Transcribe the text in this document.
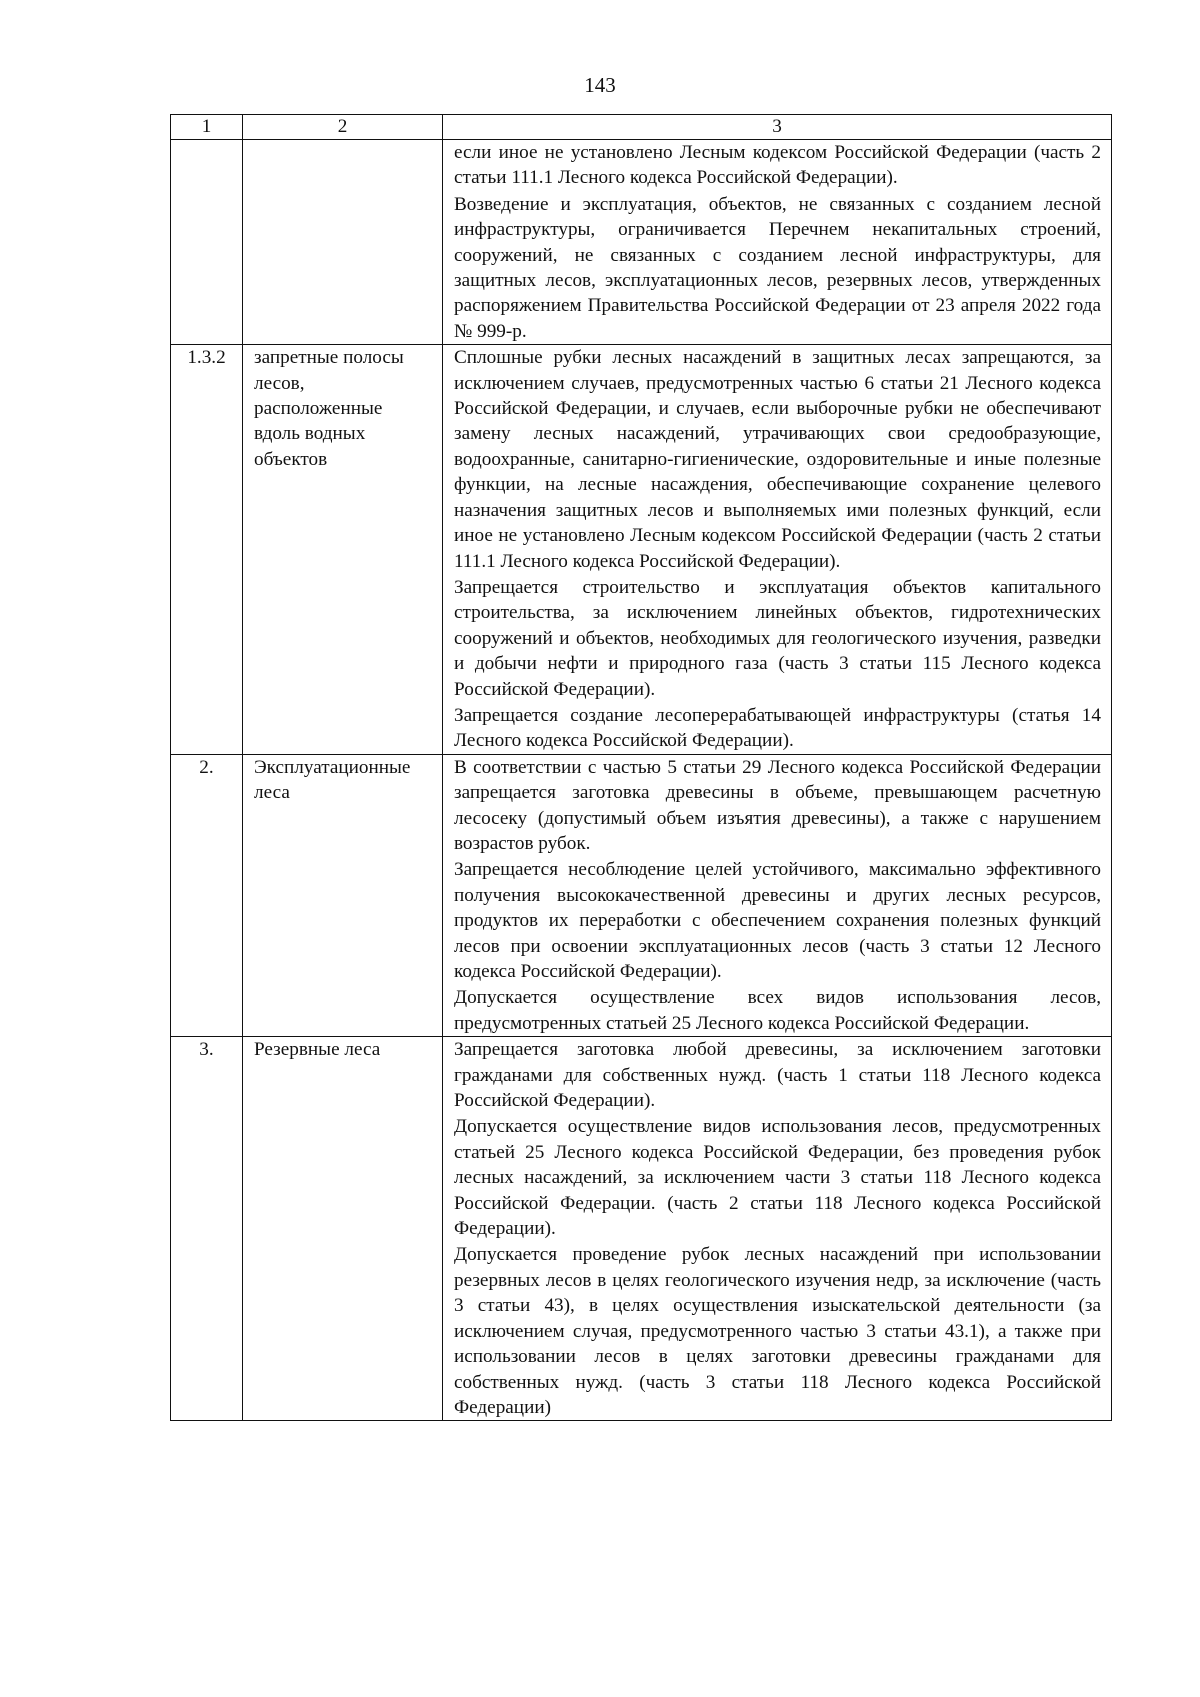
143
1	2	3

		если иное не установлено Лесным кодексом Российской Федерации (часть 2 статьи 111.1 Лесного кодекса Российской Федерации).

Возведение и эксплуатация, объектов, не связанных с созданием лесной инфраструктуры, ограничивается Перечнем некапитальных строений, сооружений, не связанных с созданием лесной инфраструктуры, для защитных лесов, эксплуатационных лесов, резервных лесов, утвержденных распоряжением Правительства Российской Федерации от 23 апреля 2022 года № 999-р.

1.3.2	запретные полосы лесов, расположенные вдоль водных объектов	Сплошные рубки лесных насаждений в защитных лесах запрещаются, за исключением случаев, предусмотренных частью 6 статьи 21 Лесного кодекса Российской Федерации, и случаев, если выборочные рубки не обеспечивают замену лесных насаждений, утрачивающих свои средообразующие, водоохранные, санитарно-гигиенические, оздоровительные и иные полезные функции, на лесные насаждения, обеспечивающие сохранение целевого назначения защитных лесов и выполняемых ими полезных функций, если иное не установлено Лесным кодексом Российской Федерации (часть 2 статьи 111.1 Лесного кодекса Российской Федерации).

Запрещается строительство и эксплуатация объектов капитального строительства, за исключением линейных объектов, гидротехнических сооружений и объектов, необходимых для геологического изучения, разведки и добычи нефти и природного газа (часть 3 статьи 115 Лесного кодекса Российской Федерации).

Запрещается создание лесоперерабатывающей инфраструктуры (статья 14 Лесного кодекса Российской Федерации).

2.	Эксплуатационные леса	В соответствии с частью 5 статьи 29 Лесного кодекса Российской Федерации запрещается заготовка древесины в объеме, превышающем расчетную лесосеку (допустимый объем изъятия древесины), а также с нарушением возрастов рубок.

Запрещается несоблюдение целей устойчивого, максимально эффективного получения высококачественной древесины и других лесных ресурсов, продуктов их переработки с обеспечением сохранения полезных функций лесов при освоении эксплуатационных лесов (часть 3 статьи 12 Лесного кодекса Российской Федерации).

Допускается осуществление всех видов использования лесов, предусмотренных статьей 25 Лесного кодекса Российской Федерации.

3.	Резервные леса	Запрещается заготовка любой древесины, за исключением заготовки гражданами для собственных нужд. (часть 1 статьи 118 Лесного кодекса Российской Федерации).

Допускается осуществление видов использования лесов, предусмотренных статьей 25 Лесного кодекса Российской Федерации, без проведения рубок лесных насаждений, за исключением части 3 статьи 118 Лесного кодекса Российской Федерации. (часть 2 статьи 118 Лесного кодекса Российской Федерации).

Допускается проведение рубок лесных насаждений при использовании резервных лесов в целях геологического изучения недр, за исключение (часть 3 статьи 43), в целях осуществления изыскательской деятельности (за исключением случая, предусмотренного частью 3 статьи 43.1), а также при использовании лесов в целях заготовки древесины гражданами для собственных нужд. (часть 3 статьи 118 Лесного кодекса Российской Федерации)
